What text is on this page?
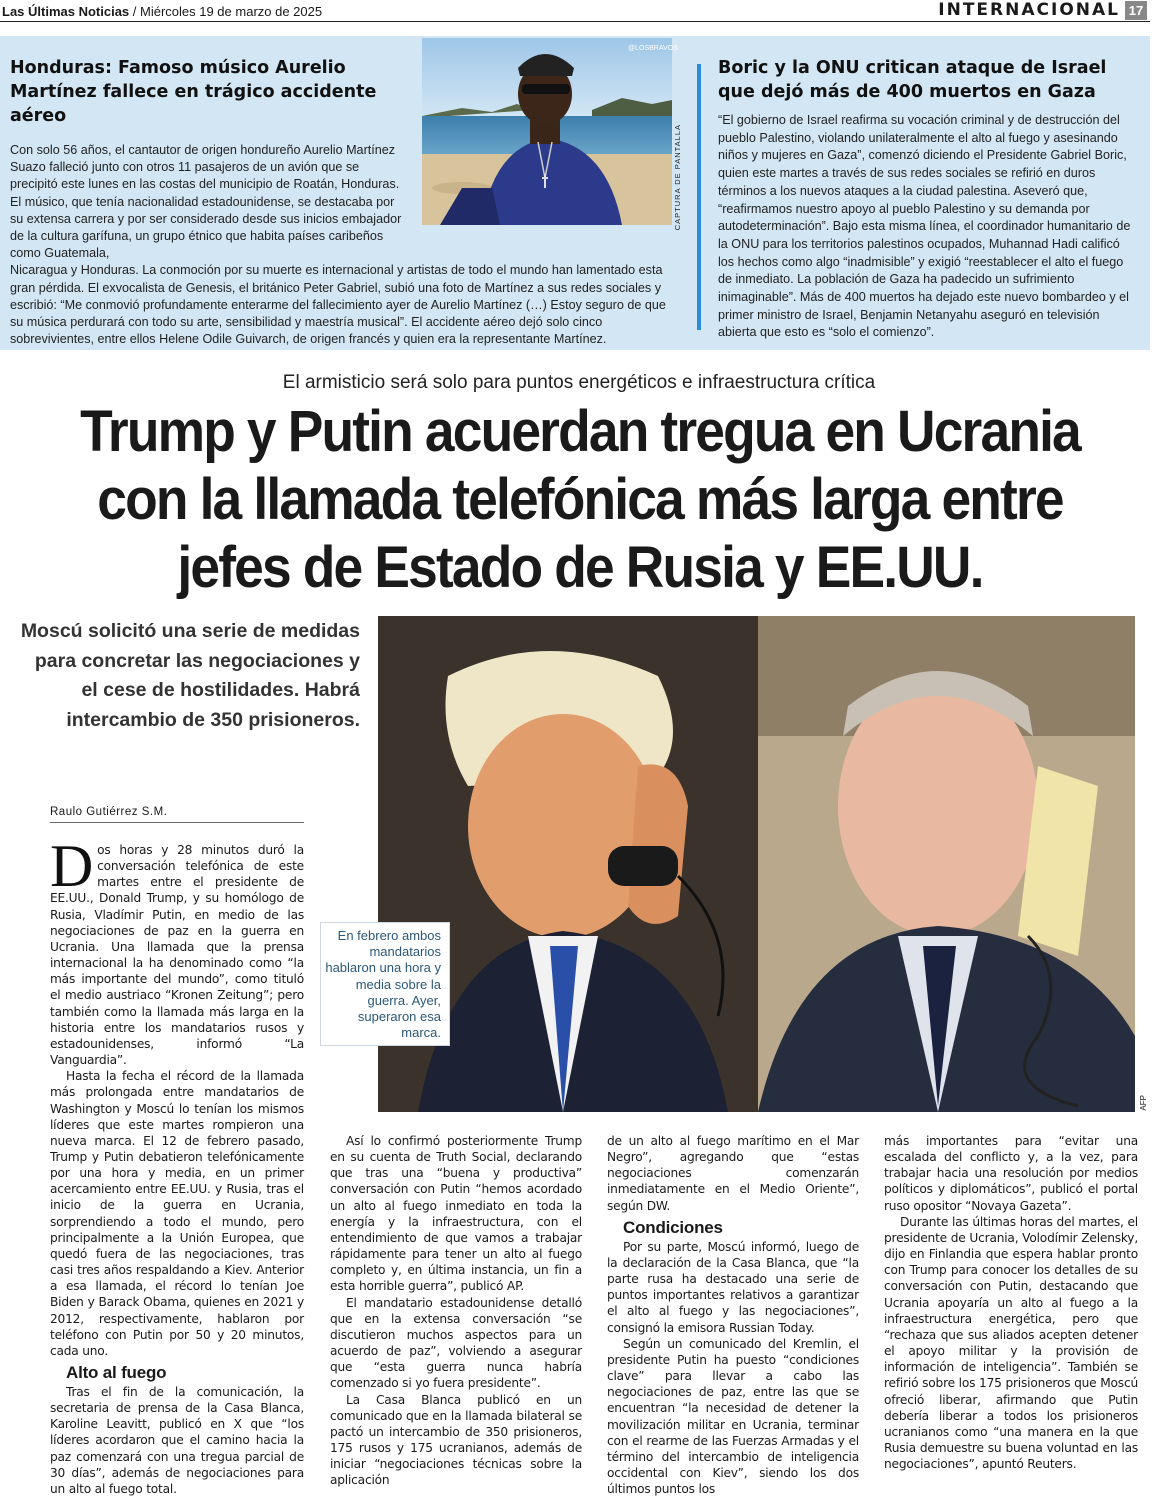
Las Últimas Noticias / Miércoles 19 de marzo de 2025	INTERNACIONAL 17
Honduras: Famoso músico Aurelio Martínez fallece en trágico accidente aéreo
Con solo 56 años, el cantautor de origen hondureño Aurelio Martínez Suazo falleció junto con otros 11 pasajeros de un avión que se precipitó este lunes en las costas del municipio de Roatán, Honduras. El músico, que tenía nacionalidad estadounidense, se destacaba por su extensa carrera y por ser considerado desde sus inicios embajador de la cultura garífuna, un grupo étnico que habita países caribeños como Guatemala,
Nicaragua y Honduras. La conmoción por su muerte es internacional y artistas de todo el mundo han lamentado esta gran pérdida. El exvocalista de Genesis, el británico Peter Gabriel, subió una foto de Martínez a sus redes sociales y escribió: “Me conmovió profundamente enterarme del fallecimiento ayer de Aurelio Martínez (…) Estoy seguro de que su música perdurará con todo su arte, sensibilidad y maestría musical”. El accidente aéreo dejó solo cinco sobrevivientes, entre ellos Helene Odile Guivarch, de origen francés y quien era la representante Martínez.
@LOSBRAVOS
CAPTURA DE PANTALLA
Boric y la ONU critican ataque de Israel que dejó más de 400 muertos en Gaza
“El gobierno de Israel reafirma su vocación criminal y de destrucción del pueblo Palestino, violando unilateralmente el alto al fuego y asesinando niños y mujeres en Gaza”, comenzó diciendo el Presidente Gabriel Boric, quien este martes a través de sus redes sociales se refirió en duros términos a los nuevos ataques a la ciudad palestina. Aseveró que, “reafirmamos nuestro apoyo al pueblo Palestino y su demanda por autodeterminación”. Bajo esta misma línea, el coordinador humanitario de la ONU para los territorios palestinos ocupados, Muhannad Hadi calificó los hechos como algo “inadmisible” y exigió “reestablecer el alto el fuego de inmediato. La población de Gaza ha padecido un sufrimiento inimaginable”. Más de 400 muertos ha dejado este nuevo bombardeo y el primer ministro de Israel, Benjamin Netanyahu aseguró en televisión abierta que esto es “solo el comienzo”.
El armisticio será solo para puntos energéticos e infraestructura crítica
Trump y Putin acuerdan tregua en Ucrania
con la llamada telefónica más larga entre
jefes de Estado de Rusia y EE.UU.
Moscú solicitó una serie de medidas para concretar las negociaciones y el cese de hostilidades. Habrá intercambio de 350 prisioneros.
AFP
En febrero ambos mandatarios hablaron una hora y media sobre la guerra. Ayer, superaron esa marca.
Raulo Gutiérrez S.M.

Dos horas y 28 minutos duró la conversación telefónica de este martes entre el presidente de EE.UU., Donald Trump, y su homólogo de Rusia, Vladímir Putin, en medio de las negociaciones de paz en la guerra en Ucrania. Una llamada que la prensa internacional la ha denominado como “la más importante del mundo”, como tituló el medio austriaco “Kronen Zeitung”; pero también como la llamada más larga en la historia entre los mandatarios rusos y estadounidenses, informó “La Vanguardia”.

Hasta la fecha el récord de la llamada más prolongada entre mandatarios de Washington y Moscú lo tenían los mismos líderes que este martes rompieron una nueva marca. El 12 de febrero pasado, Trump y Putin debatieron telefónicamente por una hora y media, en un primer acercamiento entre EE.UU. y Rusia, tras el inicio de la guerra en Ucrania, sorprendiendo a todo el mundo, pero principalmente a la Unión Europea, que quedó fuera de las negociaciones, tras casi tres años respaldando a Kiev. Anterior a esa llamada, el récord lo tenían Joe Biden y Barack Obama, quienes en 2021 y 2012, respectivamente, hablaron por teléfono con Putin por 50 y 20 minutos, cada uno.

Alto al fuego

Tras el fin de la comunicación, la secretaria de prensa de la Casa Blanca, Karoline Leavitt, publicó en X que “los líderes acordaron que el camino hacia la paz comenzará con una tregua parcial de 30 días”, además de negociaciones para un alto al fuego total.

Así lo confirmó posteriormente Trump en su cuenta de Truth Social, declarando que tras una “buena y productiva” conversación con Putin “hemos acordado un alto al fuego inmediato en toda la energía y la infraestructura, con el entendimiento de que vamos a trabajar rápidamente para tener un alto al fuego completo y, en última instancia, un fin a esta horrible guerra”, publicó AP.

El mandatario estadounidense detalló que en la extensa conversación “se discutieron muchos aspectos para un acuerdo de paz”, volviendo a asegurar que “esta guerra nunca habría comenzado si yo fuera presidente”.

La Casa Blanca publicó en un comunicado que en la llamada bilateral se pactó un intercambio de 350 prisioneros, 175 rusos y 175 ucranianos, además de iniciar “negociaciones técnicas sobre la aplicación

de un alto al fuego marítimo en el Mar Negro”, agregando que “estas negociaciones comenzarán inmediatamente en el Medio Oriente”, según DW.

Condiciones

Por su parte, Moscú informó, luego de la declaración de la Casa Blanca, que “la parte rusa ha destacado una serie de puntos importantes relativos a garantizar el alto al fuego y las negociaciones”, consignó la emisora Russian Today.

Según un comunicado del Kremlin, el presidente Putin ha puesto “condiciones clave” para llevar a cabo las negociaciones de paz, entre las que se encuentran “la necesidad de detener la movilización militar en Ucrania, terminar con el rearme de las Fuerzas Armadas y el término del intercambio de inteligencia occidental con Kiev”, siendo los dos últimos puntos los

más importantes para “evitar una escalada del conflicto y, a la vez, para trabajar hacia una resolución por medios políticos y diplomáticos”, publicó el portal ruso opositor “Novaya Gazeta”.

Durante las últimas horas del martes, el presidente de Ucrania, Volodímir Zelensky, dijo en Finlandia que espera hablar pronto con Trump para conocer los detalles de su conversación con Putin, destacando que Ucrania apoyaría un alto al fuego a la infraestructura energética, pero que “rechaza que sus aliados acepten detener el apoyo militar y la provisión de información de inteligencia”. También se refirió sobre los 175 prisioneros que Moscú ofreció liberar, afirmando que Putin debería liberar a todos los prisioneros ucranianos como “una manera en la que Rusia demuestre su buena voluntad en las negociaciones”, apuntó Reuters.
